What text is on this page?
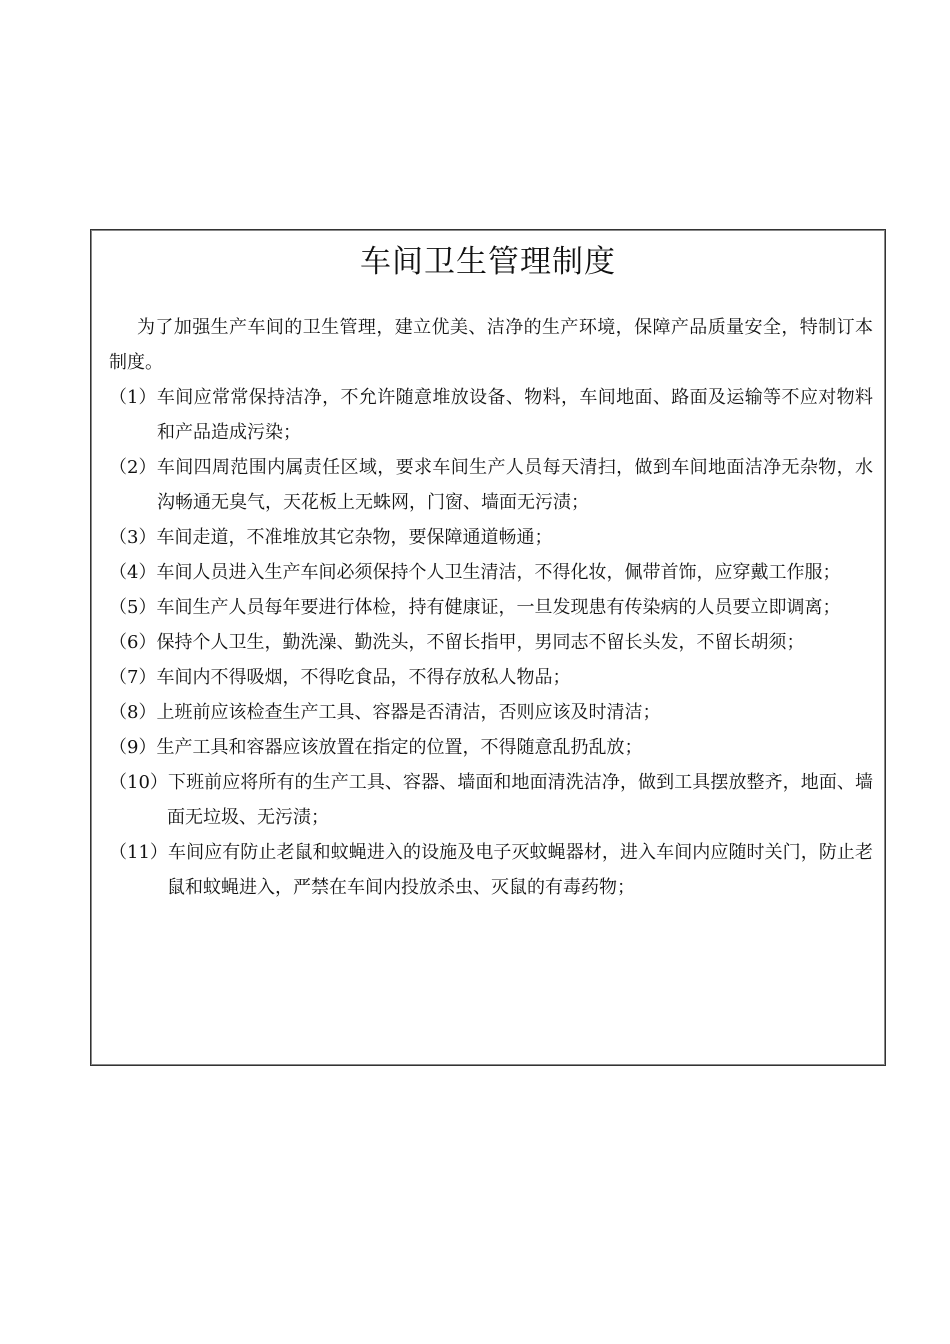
车间卫生管理制度

为了加强生产车间的卫生管理，建立优美、洁净的生产环境，保障产品质量安全，特制订本制度。

（1）车间应常常保持洁净，不允许随意堆放设备、物料，车间地面、路面及运输等不应对物料和产品造成污染；
（2）车间四周范围内属责任区域，要求车间生产人员每天清扫，做到车间地面洁净无杂物，水沟畅通无臭气，天花板上无蛛网，门窗、墙面无污渍；
（3）车间走道，不准堆放其它杂物，要保障通道畅通；
（4）车间人员进入生产车间必须保持个人卫生清洁，不得化妆，佩带首饰，应穿戴工作服；
（5）车间生产人员每年要进行体检，持有健康证，一旦发现患有传染病的人员要立即调离；
（6）保持个人卫生，勤洗澡、勤洗头，不留长指甲，男同志不留长头发，不留长胡须；
（7）车间内不得吸烟，不得吃食品，不得存放私人物品；
（8）上班前应该检查生产工具、容器是否清洁，否则应该及时清洁；
（9）生产工具和容器应该放置在指定的位置，不得随意乱扔乱放；
（10）下班前应将所有的生产工具、容器、墙面和地面清洗洁净，做到工具摆放整齐，地面、墙面无垃圾、无污渍；
（11）车间应有防止老鼠和蚊蝇进入的设施及电子灭蚊蝇器材，进入车间内应随时关门，防止老鼠和蚊蝇进入，严禁在车间内投放杀虫、灭鼠的有毒药物；
